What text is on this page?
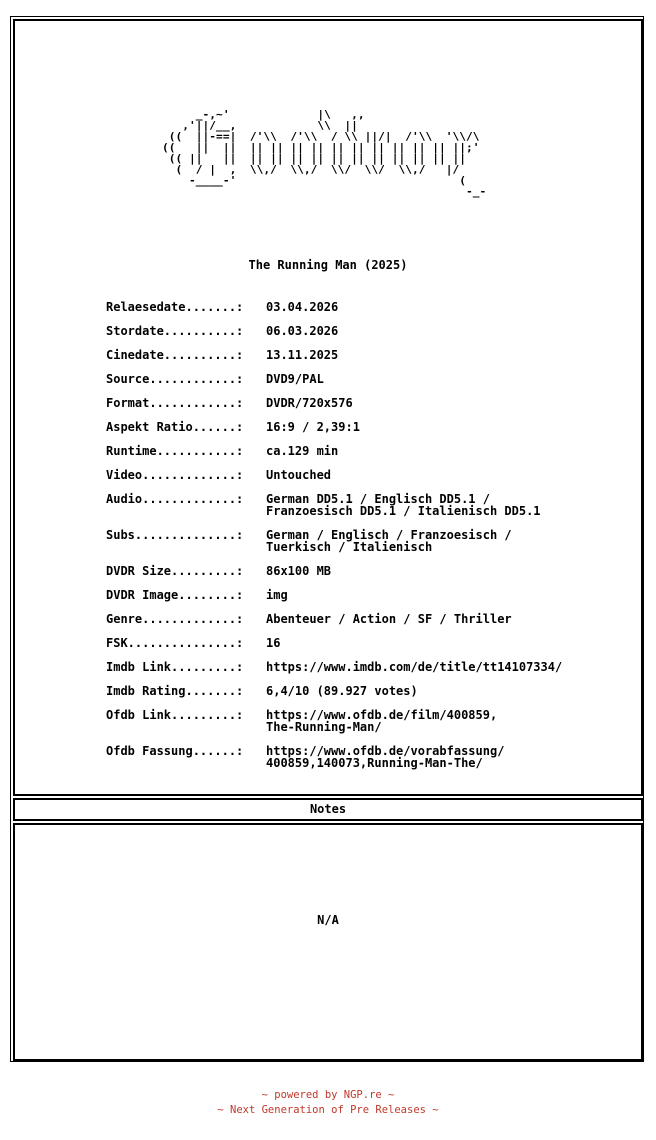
_-,~'             |\   ,,
,'||/__,            \\  ||
((  ||-==|  /'\\  /'\\  / \\ ||/|  /'\\  '\\/\
((   ||  ||  || || || || || || || || || || ||;'
(( ||   ||  || || || || || || || || || || ||
(  / |  ,  \\,/  \\,/  \\/  \\/  \\,/   |/
-____-'                                 (
-_-
The Running Man (2025)
Relaesedate.......:	03.04.2026
Stordate..........:	06.03.2026
Cinedate..........:	13.11.2025
Source............:	DVD9/PAL
Format............:	DVDR/720x576
Aspekt Ratio......:	16:9 / 2,39:1
Runtime...........:	ca.129 min
Video.............:	Untouched
Audio.............:	German DD5.1 / Englisch DD5.1 /
Franzoesisch DD5.1 / Italienisch DD5.1
Subs..............:	German / Englisch / Franzoesisch /
Tuerkisch / Italienisch
DVDR Size.........:	86x100 MB
DVDR Image........:	img
Genre.............:	Abenteuer / Action / SF / Thriller
FSK...............:	16
Imdb Link.........:	https://www.imdb.com/de/title/tt14107334/
Imdb Rating.......:	6,4/10 (89.927 votes)
Ofdb Link.........:	https://www.ofdb.de/film/400859,
The-Running-Man/
Ofdb Fassung......:	https://www.ofdb.de/vorabfassung/
400859,140073,Running-Man-The/
Notes
N/A
~ powered by NGP.re ~
~ Next Generation of Pre Releases ~
